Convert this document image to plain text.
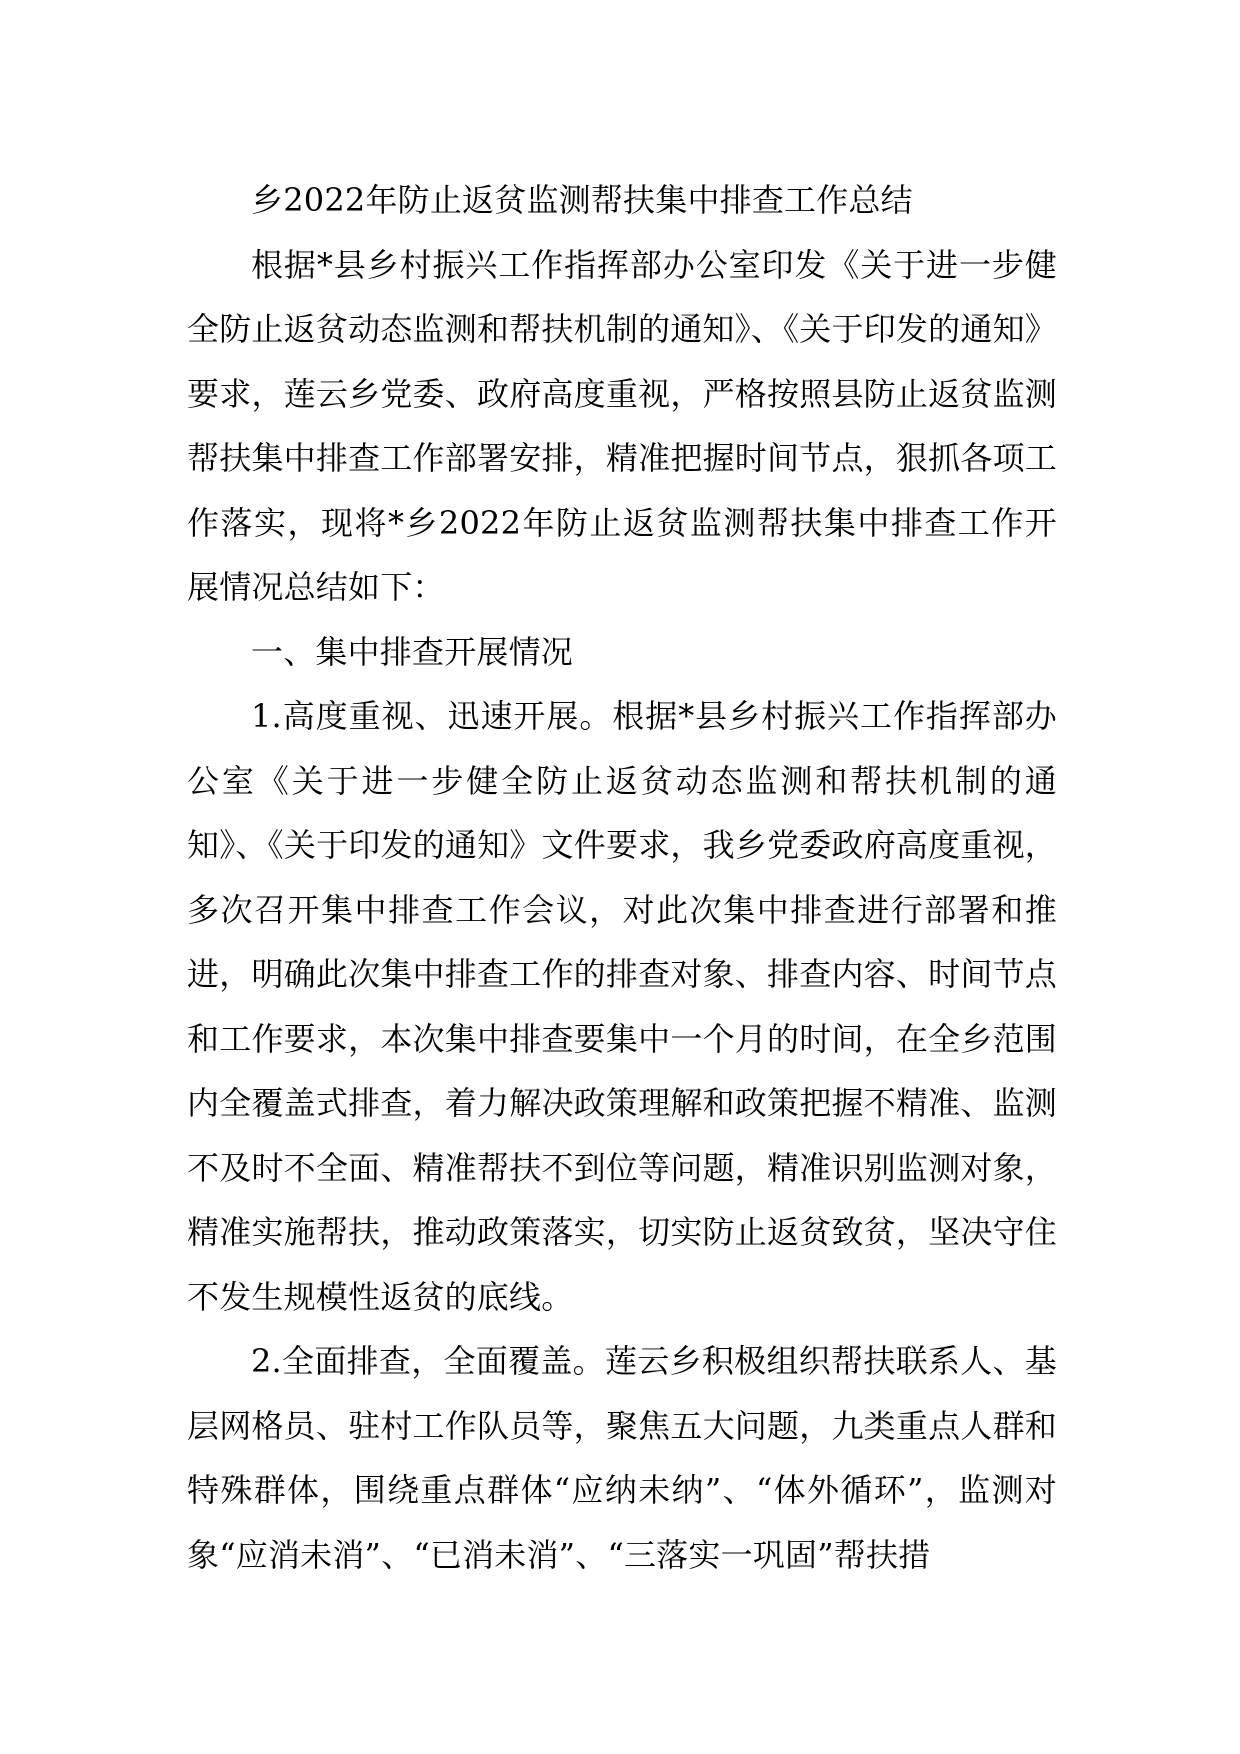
乡2022年防止返贫监测帮扶集中排查工作总结

根据*县乡村振兴工作指挥部办公室印发《关于进一步健全防止返贫动态监测和帮扶机制的通知》、《关于印发的通知》要求，莲云乡党委、政府高度重视，严格按照县防止返贫监测帮扶集中排查工作部署安排，精准把握时间节点，狠抓各项工作落实，现将*乡2022年防止返贫监测帮扶集中排查工作开展情况总结如下：

一、集中排查开展情况

1.高度重视、迅速开展。根据*县乡村振兴工作指挥部办公室《关于进一步健全防止返贫动态监测和帮扶机制的通知》、《关于印发的通知》文件要求，我乡党委政府高度重视，多次召开集中排查工作会议，对此次集中排查进行部署和推进，明确此次集中排查工作的排查对象、排查内容、时间节点和工作要求，本次集中排查要集中一个月的时间，在全乡范围内全覆盖式排查，着力解决政策理解和政策把握不精准、监测不及时不全面、精准帮扶不到位等问题，精准识别监测对象，精准实施帮扶，推动政策落实，切实防止返贫致贫，坚决守住不发生规模性返贫的底线。

2.全面排查，全面覆盖。莲云乡积极组织帮扶联系人、基层网格员、驻村工作队员等，聚焦五大问题，九类重点人群和特殊群体，围绕重点群体“应纳未纳”、“体外循环”，监测对象“应消未消”、“已消未消”、“三落实一巩固”帮扶措
